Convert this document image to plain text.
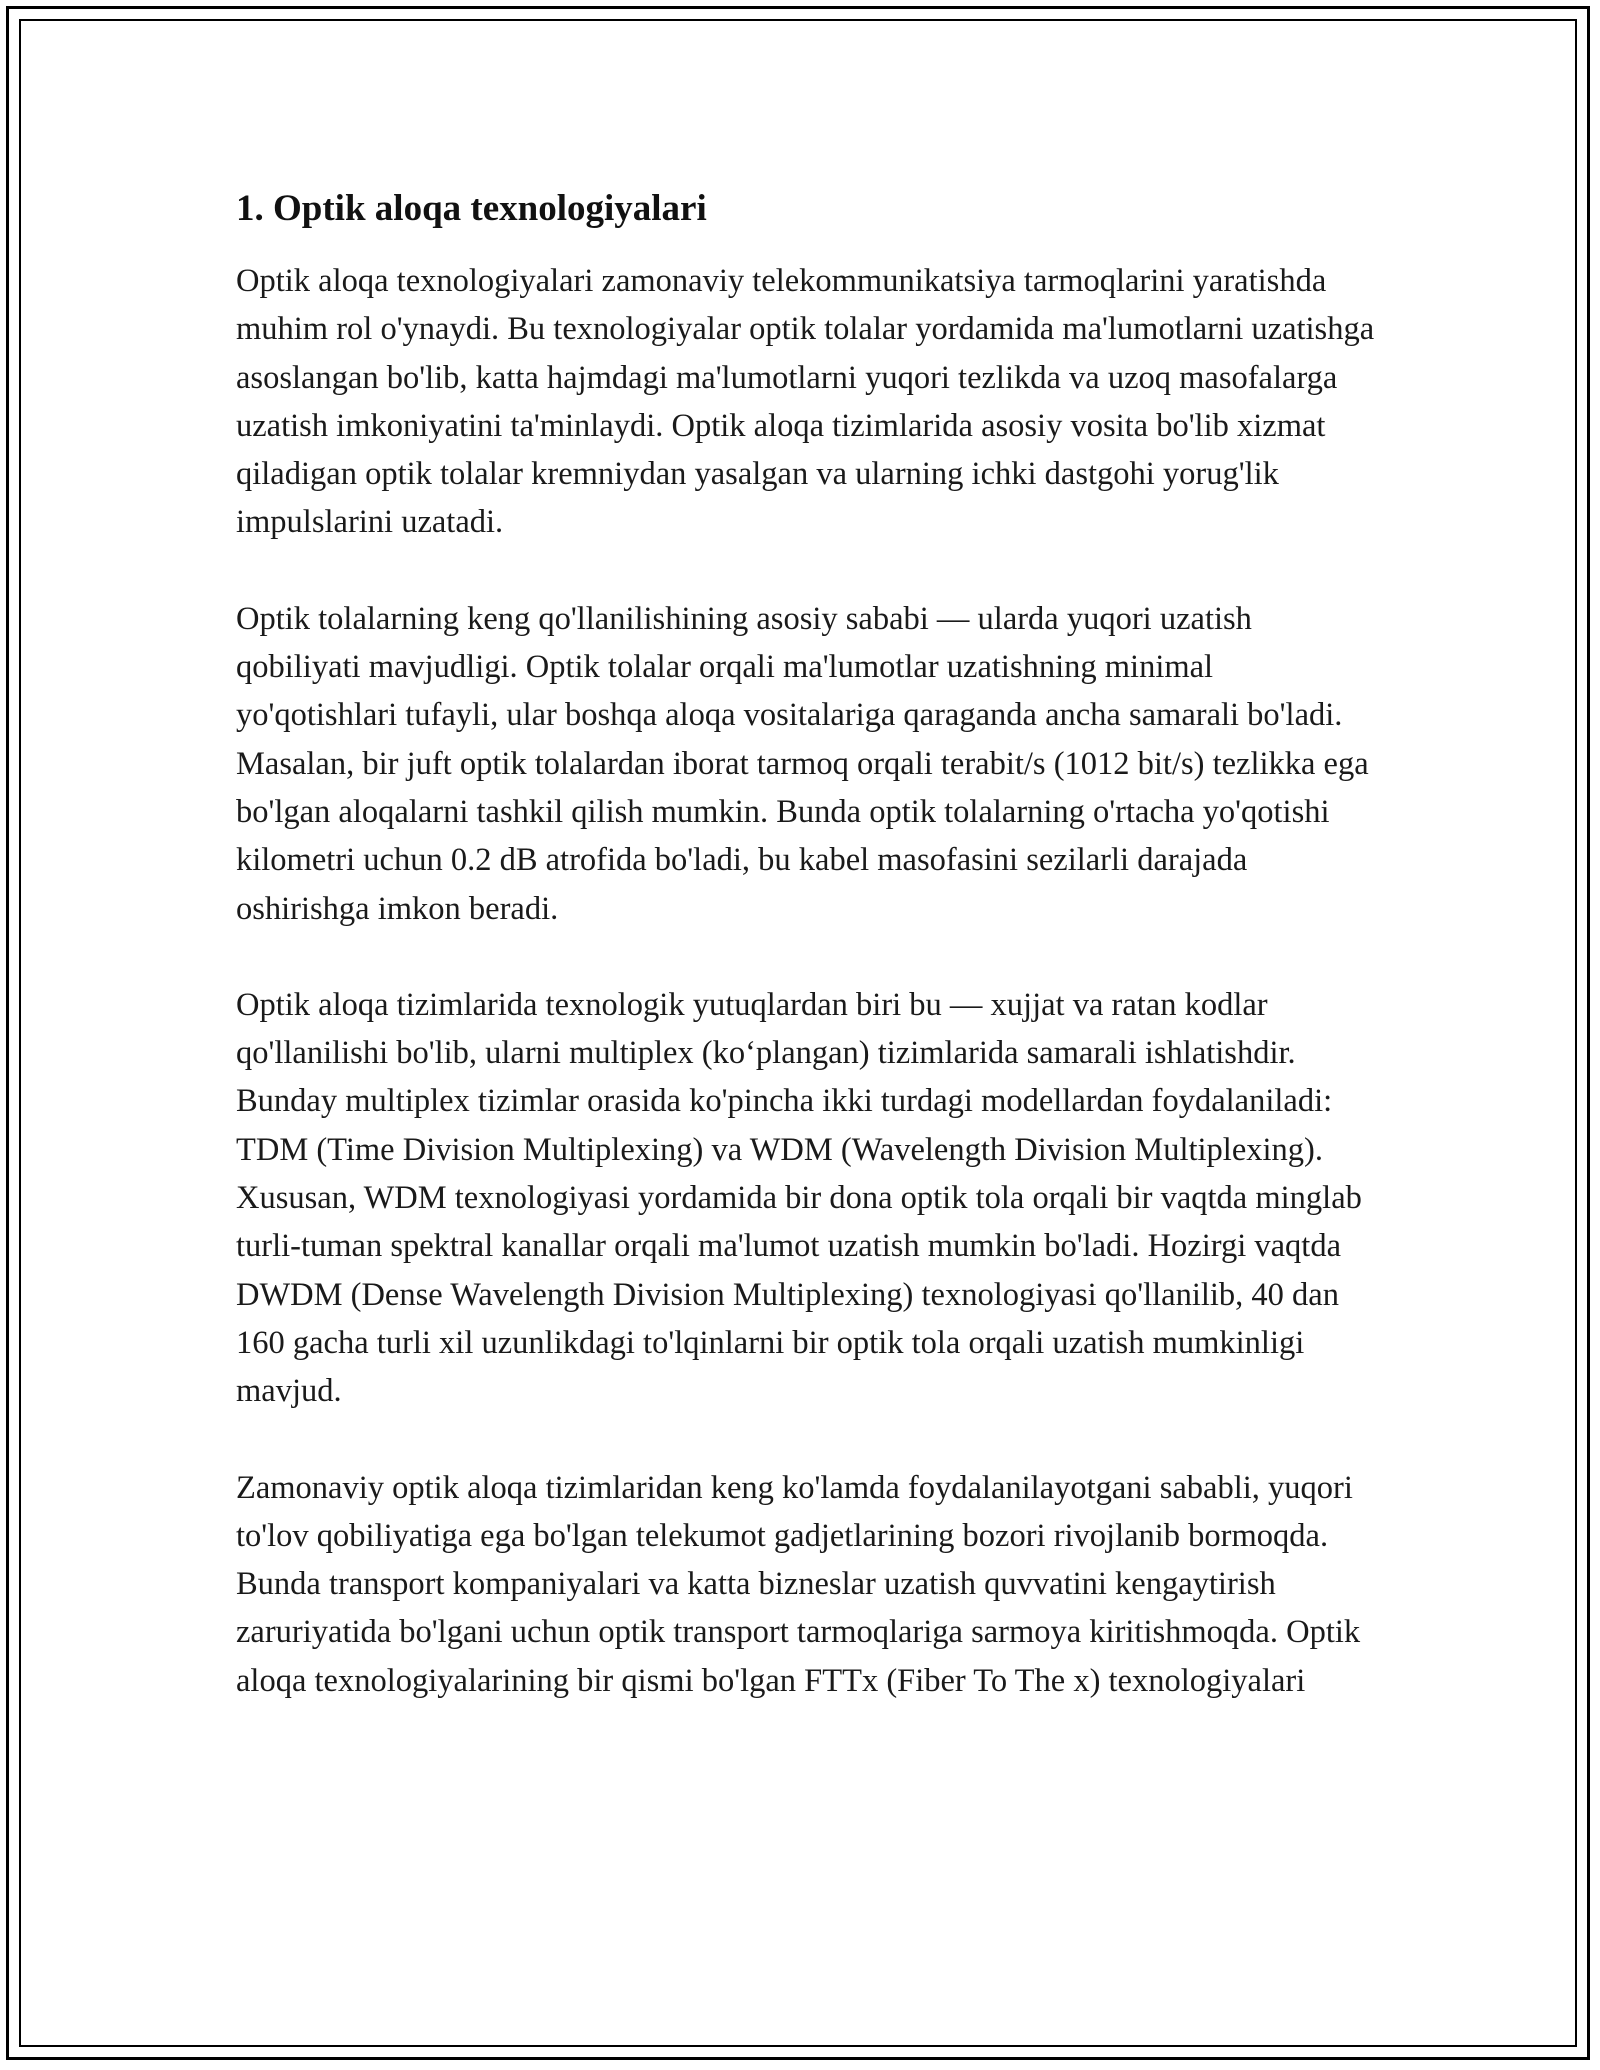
1. Optik aloqa texnologiyalari

Optik aloqa texnologiyalari zamonaviy telekommunikatsiya tarmoqlarini yaratishda muhim rol o'ynaydi. Bu texnologiyalar optik tolalar yordamida ma'lumotlarni uzatishga asoslangan bo'lib, katta hajmdagi ma'lumotlarni yuqori tezlikda va uzoq masofalarga uzatish imkoniyatini ta'minlaydi. Optik aloqa tizimlarida asosiy vosita bo'lib xizmat qiladigan optik tolalar kremniydan yasalgan va ularning ichki dastgohi yorug'lik impulslarini uzatadi.

Optik tolalarning keng qo'llanilishining asosiy sababi — ularda yuqori uzatish qobiliyati mavjudligi. Optik tolalar orqali ma'lumotlar uzatishning minimal yo'qotishlari tufayli, ular boshqa aloqa vositalariga qaraganda ancha samarali bo'ladi. Masalan, bir juft optik tolalardan iborat tarmoq orqali terabit/s (1012 bit/s) tezlikka ega bo'lgan aloqalarni tashkil qilish mumkin. Bunda optik tolalarning o'rtacha yo'qotishi kilometri uchun 0.2 dB atrofida bo'ladi, bu kabel masofasini sezilarli darajada oshirishga imkon beradi.

Optik aloqa tizimlarida texnologik yutuqlardan biri bu — xujjat va ratan kodlar qo'llanilishi bo'lib, ularni multiplex (ko‘plangan) tizimlarida samarali ishlatishdir. Bunday multiplex tizimlar orasida ko'pincha ikki turdagi modellardan foydalaniladi: TDM (Time Division Multiplexing) va WDM (Wavelength Division Multiplexing). Xususan, WDM texnologiyasi yordamida bir dona optik tola orqali bir vaqtda minglab turli-tuman spektral kanallar orqali ma'lumot uzatish mumkin bo'ladi. Hozirgi vaqtda DWDM (Dense Wavelength Division Multiplexing) texnologiyasi qo'llanilib, 40 dan 160 gacha turli xil uzunlikdagi to'lqinlarni bir optik tola orqali uzatish mumkinligi mavjud.

Zamonaviy optik aloqa tizimlaridan keng ko'lamda foydalanilayotgani sababli, yuqori to'lov qobiliyatiga ega bo'lgan telekumot gadjetlarining bozori rivojlanib bormoqda. Bunda transport kompaniyalari va katta bizneslar uzatish quvvatini kengaytirish zaruriyatida bo'lgani uchun optik transport tarmoqlariga sarmoya kiritishmoqda. Optik aloqa texnologiyalarining bir qismi bo'lgan FTTx (Fiber To The x) texnologiyalari
